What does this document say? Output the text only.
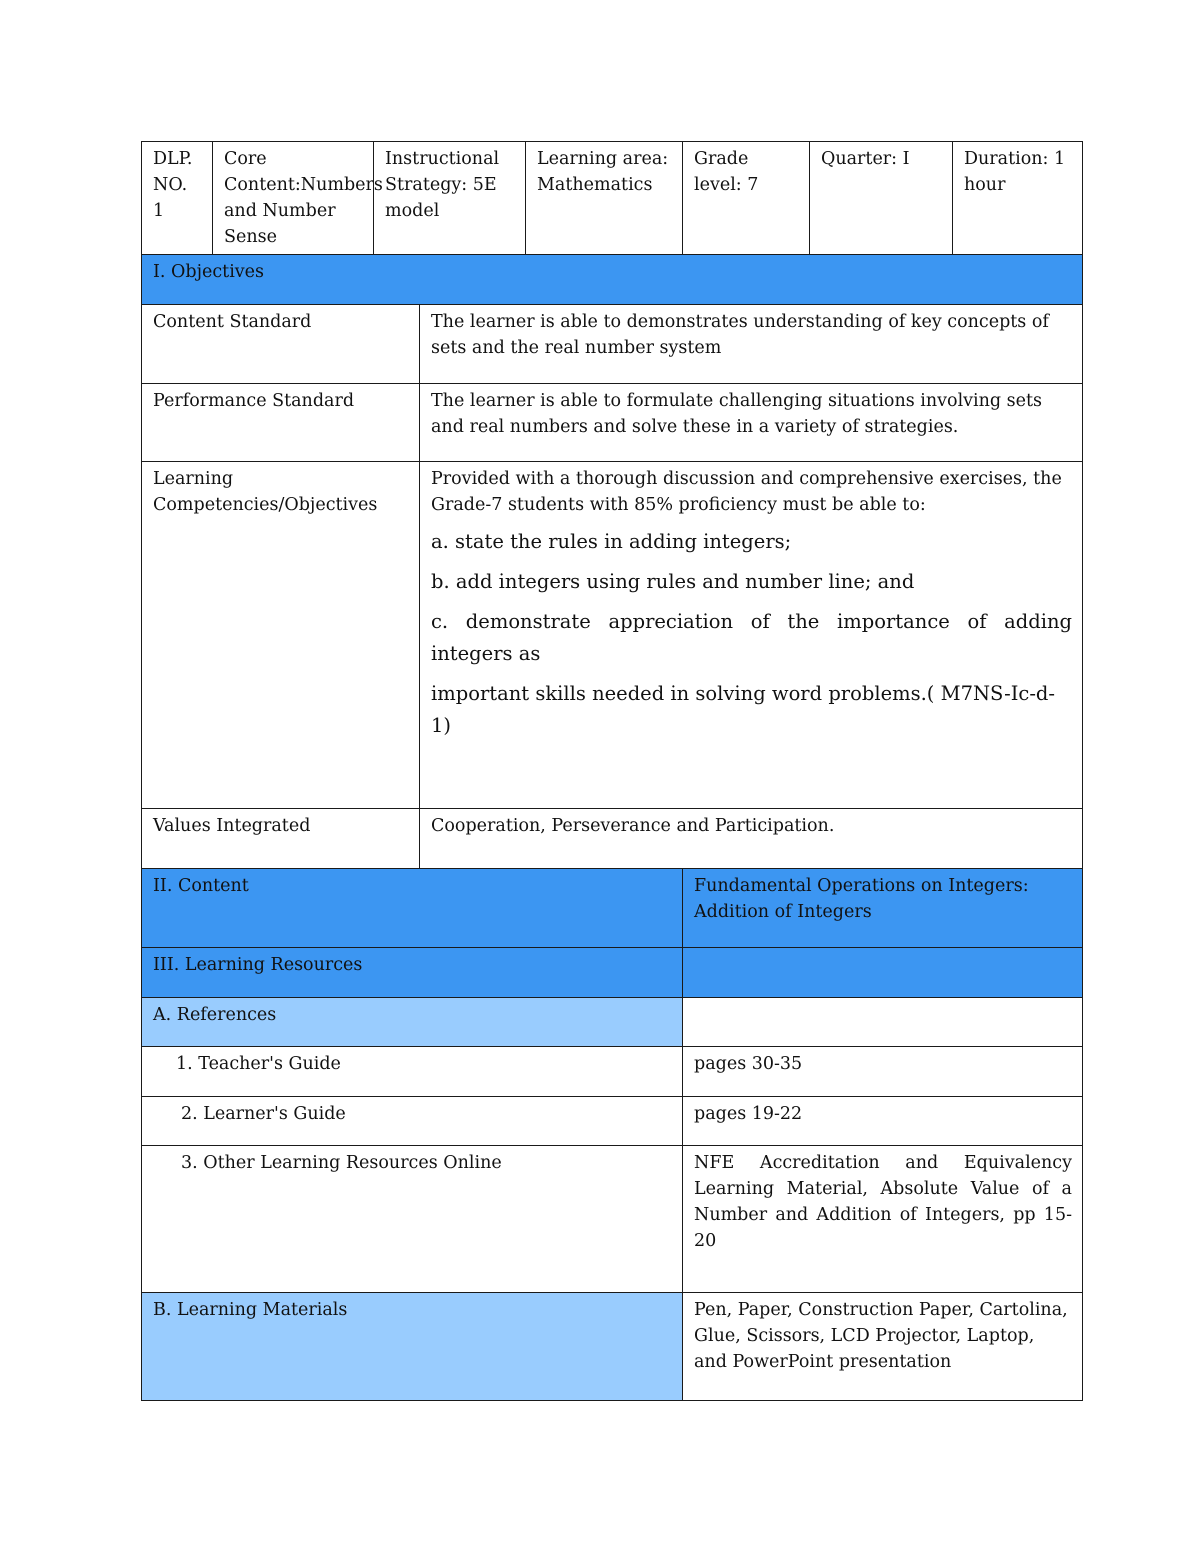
DLP. NO. 1	Core Content:Numbers and Number Sense	Instructional Strategy: 5E model		Learning area: Mathematics	Grade level: 7	Quarter: I	Duration: 1 hour
I. Objectives							
Content Standard			The learner is able to demonstrates understanding of key concepts of sets and the real number system				
Performance Standard			The learner is able to formulate challenging situations involving sets and real numbers and solve these in a variety of strategies.				
Learning Competencies/Objectives			Provided with a thorough discussion and comprehensive exercises, the Grade-7 students with 85% proficiency must be able to:

a. state the rules in adding integers;

b. add integers using rules and number line; and

c. demonstrate appreciation of the importance of adding integers as

important skills needed in solving word problems.( M7NS-Ic-d-1)				

Values Integrated			Cooperation, Perseverance and Participation.				
II. Content					Fundamental Operations on Integers: Addition of Integers		
III. Learning Resources							
A. References							
1. Teacher's Guide					pages 30-35		
2. Learner's Guide					pages 19-22		
3. Other Learning Resources Online					NFE Accreditation and Equivalency Learning Material, Absolute Value of a Number and Addition of Integers, pp 15-20		
B. Learning Materials					Pen, Paper, Construction Paper, Cartolina, Glue, Scissors, LCD Projector, Laptop, and PowerPoint presentation		
